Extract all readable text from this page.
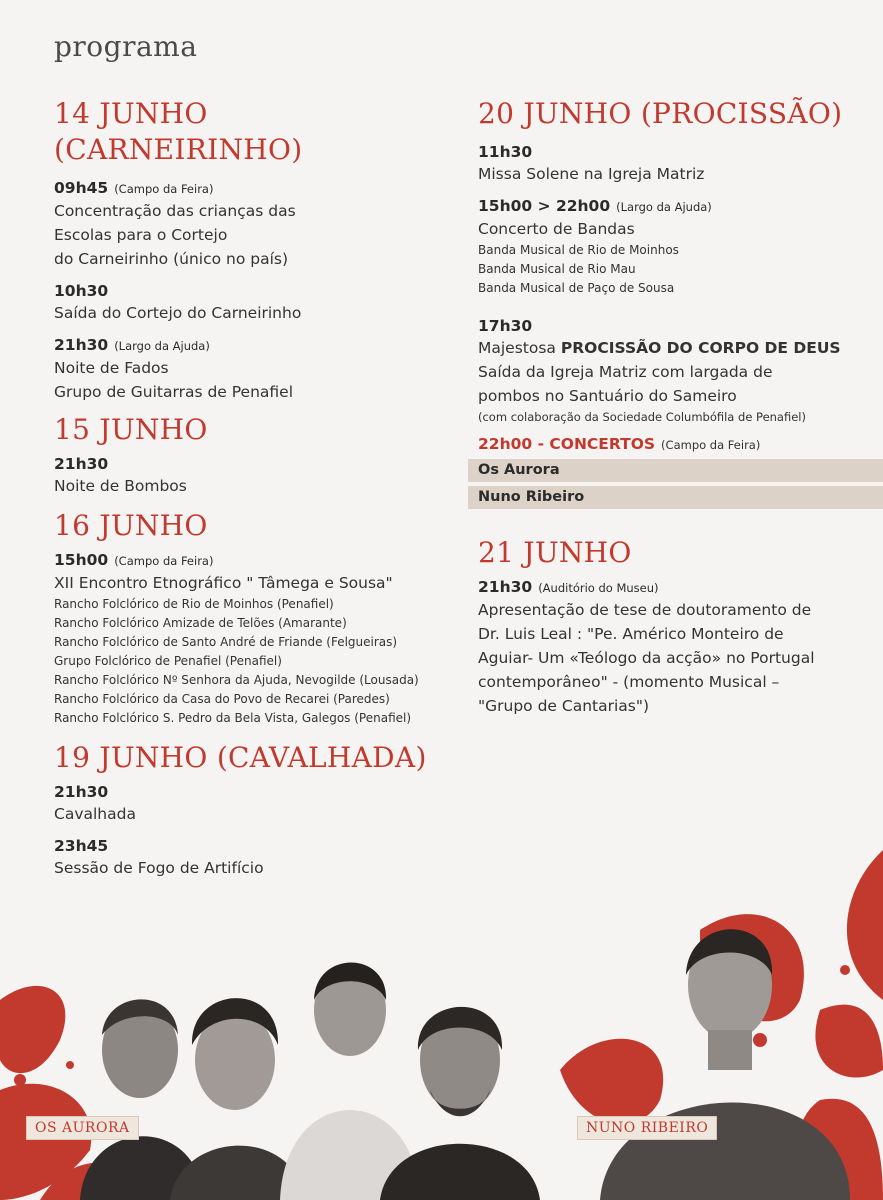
programa
14 JUNHO (CARNEIRINHO)
09h45 (Campo da Feira)
Concentração das crianças das
Escolas para o Cortejo
do Carneirinho (único no país)
10h30
Saída do Cortejo do Carneirinho
21h30 (Largo da Ajuda)
Noite de Fados
Grupo de Guitarras de Penafiel
15 JUNHO
21h30
Noite de Bombos
16 JUNHO
15h00 (Campo da Feira)
XII Encontro Etnográfico " Tâmega e Sousa"
Rancho Folclórico de Rio de Moinhos (Penafiel)
Rancho Folclórico Amizade de Telões (Amarante)
Rancho Folclórico de Santo André de Friande (Felgueiras)
Grupo Folclórico de Penafiel (Penafiel)
Rancho Folclórico Nº Senhora da Ajuda, Nevogilde (Lousada)
Rancho Folclórico da Casa do Povo de Recarei (Paredes)
Rancho Folclórico S. Pedro da Bela Vista, Galegos (Penafiel)
19 JUNHO (CAVALHADA)
21h30
Cavalhada
23h45
Sessão de Fogo de Artifício
20 JUNHO (PROCISSÃO)
11h30
Missa Solene na Igreja Matriz
15h00 > 22h00 (Largo da Ajuda)
Concerto de Bandas
Banda Musical de Rio de Moinhos
Banda Musical de Rio Mau
Banda Musical de Paço de Sousa
17h30
Majestosa PROCISSÃO DO CORPO DE DEUS
Saída da Igreja Matriz com largada de
pombos no Santuário do Sameiro
(com colaboração da Sociedade Columbófila de Penafiel)
22h00 - CONCERTOS (Campo da Feira)
Os Aurora
Nuno Ribeiro
21 JUNHO
21h30 (Auditório do Museu)
Apresentação de tese de doutoramento de
Dr. Luis Leal : "Pe. Américo Monteiro de
Aguiar- Um «Teólogo da acção» no Portugal
contemporâneo" - (momento Musical –
"Grupo de Cantarias")
OS AURORA	NUNO RIBEIRO
